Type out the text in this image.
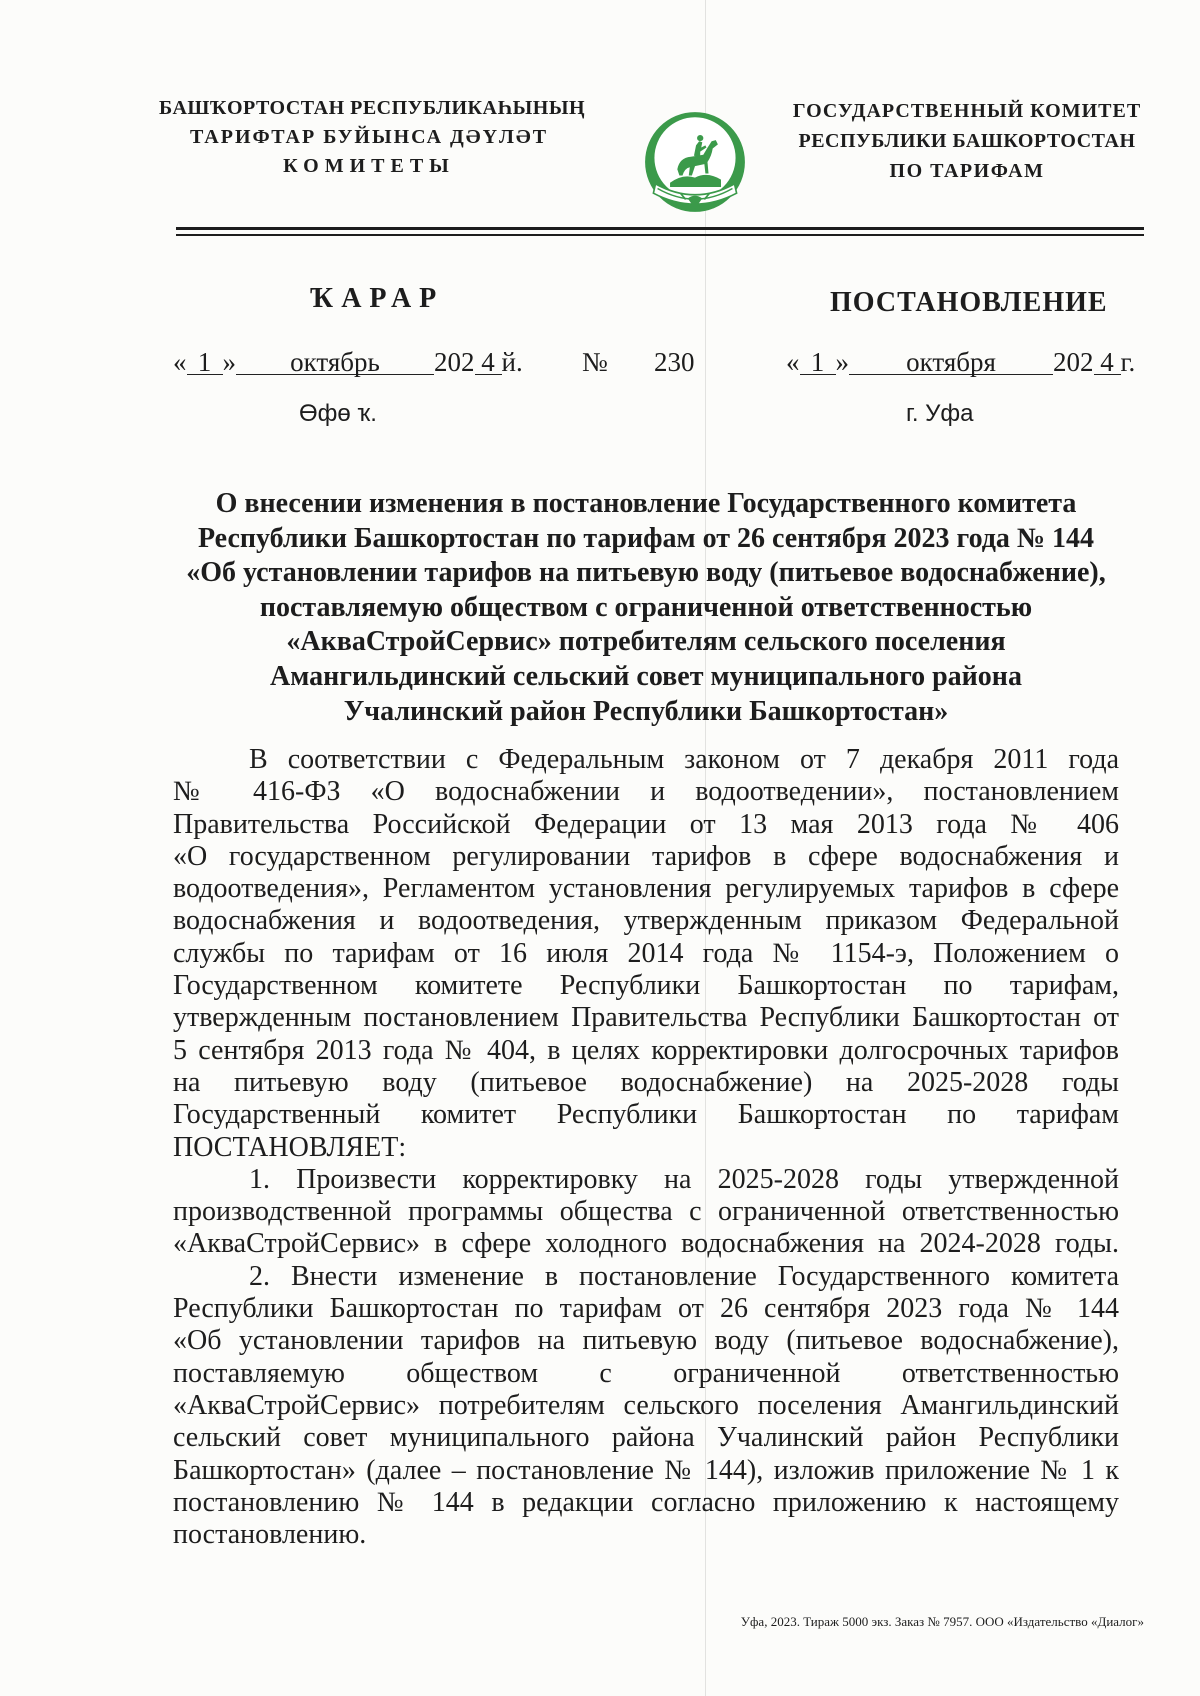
БАШҠОРТОСТАН РЕСПУБЛИКАҺЫНЫҢ
ТАРИФТАР БУЙЫНСА ДӘҮЛӘТ
КОМИТЕТЫ
ГОСУДАРСТВЕННЫЙ КОМИТЕТ
РЕСПУБЛИКИ БАШКОРТОСТАН
ПО ТАРИФАМ
ҠАРАР	ПОСТАНОВЛЕНИЕ
« 1 » октябрь 202 4 й. № 230	« 1 » октября 202 4 г.
Өфө ҡ.	г. Уфа
О внесении изменения в постановление Государственного комитета
Республики Башкортостан по тарифам от 26 сентября 2023 года № 144
«Об установлении тарифов на питьевую воду (питьевое водоснабжение),
поставляемую обществом с ограниченной ответственностью
«АкваСтройСервис» потребителям сельского поселения
Амангильдинский сельский совет муниципального района
Учалинский район Республики Башкортостан»
В соответствии с Федеральным законом от 7 декабря 2011 года
№ 416-ФЗ «О водоснабжении и водоотведении», постановлением
Правительства Российской Федерации от 13 мая 2013 года № 406
«О государственном регулировании тарифов в сфере водоснабжения и
водоотведения», Регламентом установления регулируемых тарифов в сфере
водоснабжения и водоотведения, утвержденным приказом Федеральной
службы по тарифам от 16 июля 2014 года № 1154-э, Положением о
Государственном комитете Республики Башкортостан по тарифам,
утвержденным постановлением Правительства Республики Башкортостан от
5 сентября 2013 года № 404, в целях корректировки долгосрочных тарифов
на питьевую воду (питьевое водоснабжение) на 2025-2028 годы
Государственный комитет Республики Башкортостан по тарифам
ПОСТАНОВЛЯЕТ:
1. Произвести корректировку на 2025-2028 годы утвержденной
производственной программы общества с ограниченной ответственностью
«АкваСтройСервис» в сфере холодного водоснабжения на 2024-2028 годы.
2. Внести изменение в постановление Государственного комитета
Республики Башкортостан по тарифам от 26 сентября 2023 года № 144
«Об установлении тарифов на питьевую воду (питьевое водоснабжение),
поставляемую обществом с ограниченной ответственностью
«АкваСтройСервис» потребителям сельского поселения Амангильдинский
сельский совет муниципального района Учалинский район Республики
Башкортостан» (далее – постановление № 144), изложив приложение № 1 к
постановлению № 144 в редакции согласно приложению к настоящему
постановлению.
Уфа, 2023. Тираж 5000 экз. Заказ № 7957. ООО «Издательство «Диалог»
